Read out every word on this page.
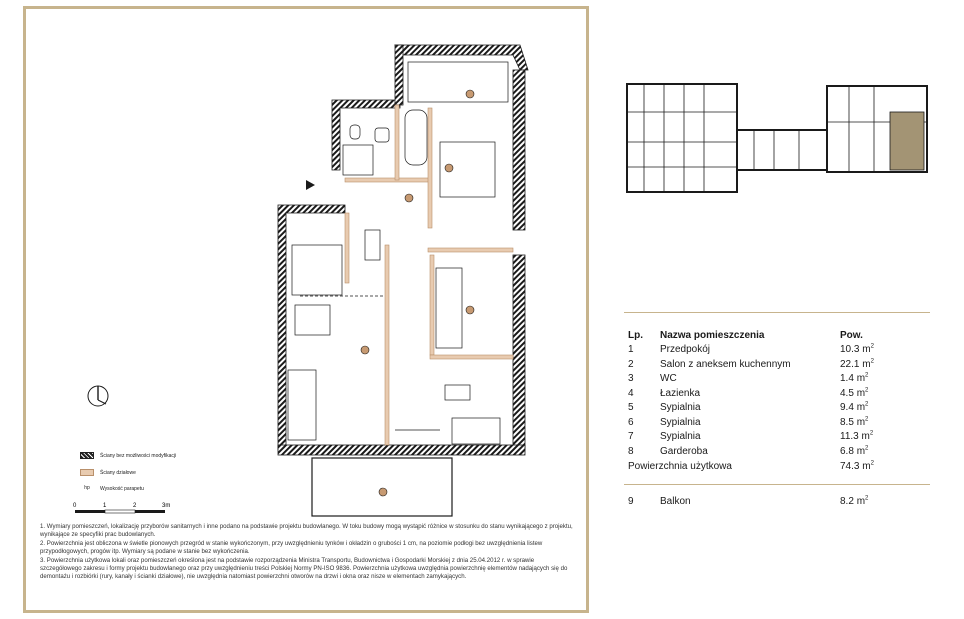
Ściany bez możliwości modyfikacji
Ściany działowe
hp	Wysokość parapetu
0	1	2	3m

1. Wymiary pomieszczeń, lokalizację przyborów sanitarnych i inne podano na podstawie projektu budowlanego. W toku budowy mogą wystąpić różnice w stosunku do stanu wynikającego z projektu, wynikające ze specyfiki prac budowlanych.

2. Powierzchnia jest obliczona w świetle pionowych przegród w stanie wykończonym, przy uwzględnieniu tynków i okładzin o grubości 1 cm, na poziomie podłogi bez uwzględnienia listew przypodłogowych, progów itp. Wymiary są podane w stanie bez wykończenia.

3. Powierzchnia użytkowa lokali oraz pomieszczeń określona jest na podstawie rozporządzenia Ministra Transportu, Budownictwa i Gospodarki Morskiej z dnia 25.04.2012 r. w sprawie szczegółowego zakresu i formy projektu budowlanego oraz przy uwzględnieniu treści Polskiej Normy PN-ISO 9836. Powierzchnia użytkowa uwzględnia powierzchnię elementów nadających się do demontażu i rozbiórki (rury, kanały i ścianki działowe), nie uwzględnia natomiast powierzchni otworów na drzwi i okna oraz nisze w elementach zamykających.

Lp. Nazwa pomieszczenia	Pow.
1	Przedpokój	10.3 $m^2$
2	Salon z aneksem kuchennym	22.1 $m^2$
3	WC	1.4 $m^2$
4	Łazienka	4.5 $m^2$
5	Sypialnia	9.4 $m^2$
6	Sypialnia	8.5 $m^2$
7	Sypialnia	11.3 $m^2$
8	Garderoba	6.8 $m^2$
Powierzchnia użytkowa	74.3 $m^2$
9	Balkon	8.2 $m^2$
